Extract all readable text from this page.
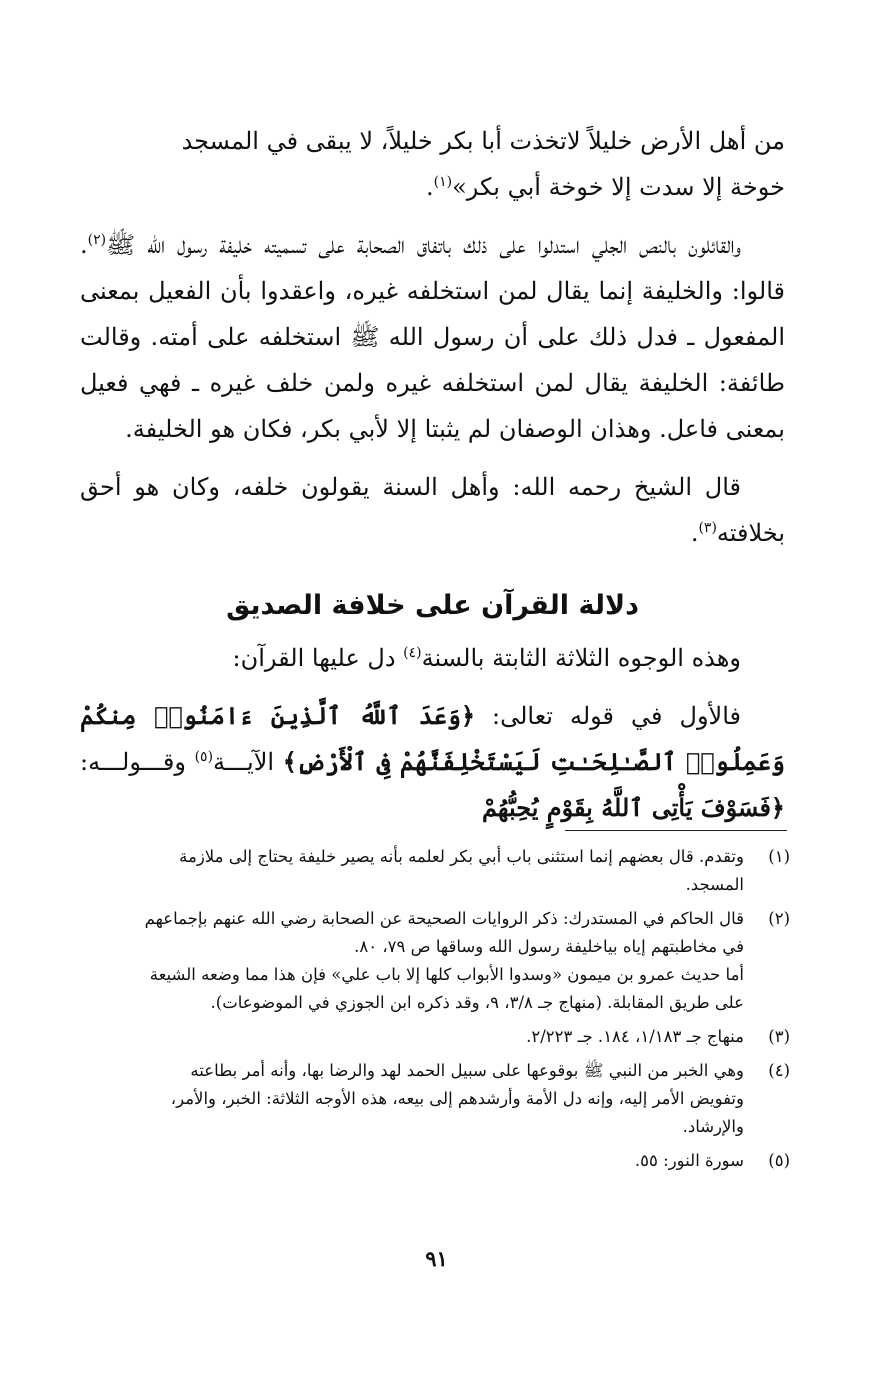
من أهل الأرض خليلاً لاتخذت أبا بكر خليلاً، لا يبقى في المسجد
خوخة إلا سدت إلا خوخة أبي بكر»$^{(١)}$.

والقائلون بالنص الجلي استدلوا على ذلك باتفاق الصحابة على تسميته خليفة رسول الله ﷺ$^{(٢)}$. قالوا: والخليفة إنما يقال لمن استخلفه غيره، واعقدوا بأن الفعيل بمعنى المفعول ـ فدل ذلك على أن رسول الله ﷺ استخلفه على أمته. وقالت طائفة: الخليفة يقال لمن استخلفه غيره ولمن خلف غيره ـ فهي فعيل بمعنى فاعل. وهذان الوصفان لم يثبتا إلا لأبي بكر، فكان هو الخليفة.

قال الشيخ رحمه الله: وأهل السنة يقولون خلفه، وكان هو أحق بخلافته$^{(٣)}$.

دلالة القرآن على خلافة الصديق

وهذه الوجوه الثلاثة الثابتة بالسنة$^{(٤)}$ دل عليها القرآن:

فالأول في قوله تعالى: ﴿وَعَدَ ٱللَّهُ ٱلَّذِينَ ءَامَنُوا۟ مِنكُمْ وَعَمِلُوا۟ ٱلصَّـٰلِحَـٰتِ لَيَسْتَخْلِفَنَّهُمْ فِى ٱلْأَرْضِ﴾ الآيـــة$^{(٥)}$ وقـــولـــه: ﴿فَسَوْفَ يَأْتِى ٱللَّهُ بِقَوْمٍ يُحِبُّهُمْ

(١)
وتقدم. قال بعضهم إنما استثنى باب أبي بكر لعلمه بأنه يصير خليفة يحتاج إلى ملازمة
المسجد.
(٢)
قال الحاكم في المستدرك: ذكر الروايات الصحيحة عن الصحابة رضي الله عنهم بإجماعهم
في مخاطبتهم إياه بياخليفة رسول الله وساقها ص ٧٩، ٨٠.
أما حديث عمرو بن ميمون «وسدوا الأبواب كلها إلا باب علي» فإن هذا مما وضعه الشيعة
على طريق المقابلة. (منهاج جـ ٣/٨، ٩، وقد ذكره ابن الجوزي في الموضوعات).
(٣)
منهاج جـ ١/١٨٣، ١٨٤. جـ ٢/٢٢٣.
(٤)
وهي الخبر من النبي ﷺ بوقوعها على سبيل الحمد لهد والرضا بها، وأنه أمر بطاعته
وتفويض الأمر إليه، وإنه دل الأمة وأرشدهم إلى بيعه، هذه الأوجه الثلاثة: الخبر، والأمر،
والإرشاد.
(٥)
سورة النور: ٥٥.
٩١
